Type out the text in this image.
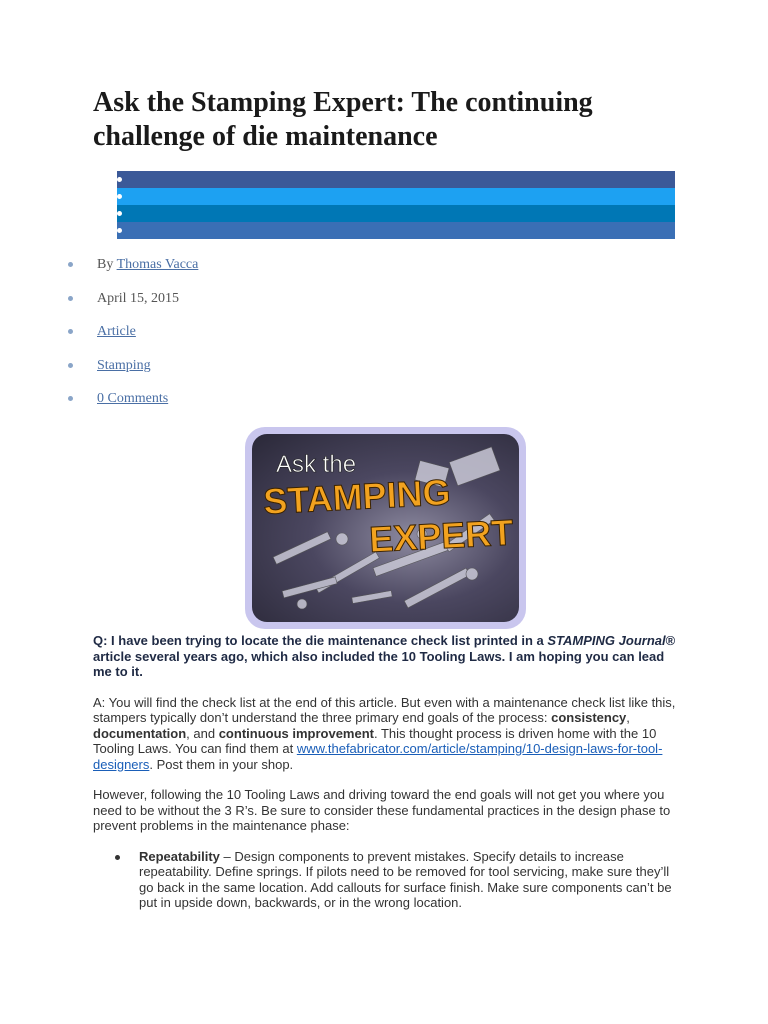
Ask the Stamping Expert: The continuing challenge of die maintenance
By Thomas Vacca
April 15, 2015
Article
Stamping
0 Comments
Ask the
STAMPING
EXPERT

Q: I have been trying to locate the die maintenance check list printed in a STAMPING Journal® article several years ago, which also included the 10 Tooling Laws. I am hoping you can lead me to it.

A: You will find the check list at the end of this article. But even with a maintenance check list like this, stampers typically don’t understand the three primary end goals of the process: consistency, documentation, and continuous improvement. This thought process is driven home with the 10 Tooling Laws. You can find them at www.thefabricator.com/article/stamping/10-design-laws-for-tool-designers. Post them in your shop.

However, following the 10 Tooling Laws and driving toward the end goals will not get you where you need to be without the 3 R’s. Be sure to consider these fundamental practices in the design phase to prevent problems in the maintenance phase:

Repeatability – Design components to prevent mistakes. Specify details to increase repeatability. Define springs. If pilots need to be removed for tool servicing, make sure they’ll go back in the same location. Add callouts for surface finish. Make sure components can’t be put in upside down, backwards, or in the wrong location.
